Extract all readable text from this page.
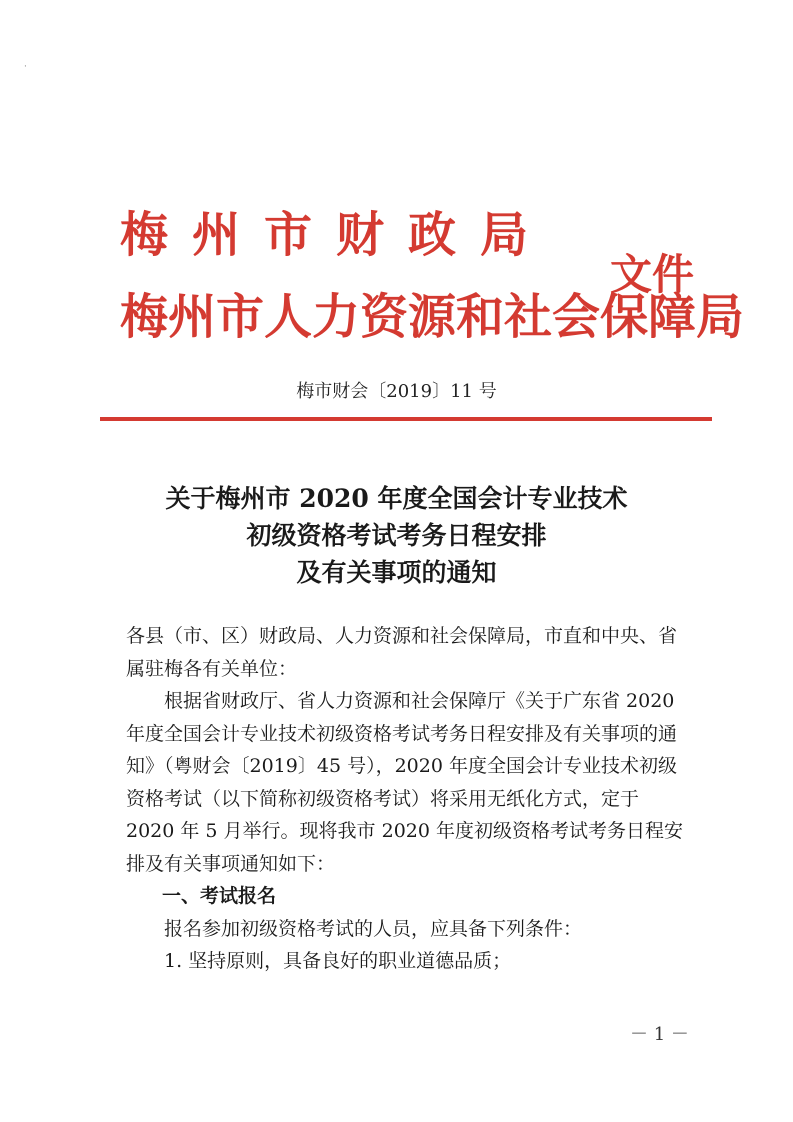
·
梅州市财政局
梅州市人力资源和社会保障局
文件
梅市财会〔2019〕11 号
关于梅州市 2020 年度全国会计专业技术
初级资格考试考务日程安排
及有关事项的通知

各县（市、区）财政局、人力资源和社会保障局，市直和中央、省属驻梅各有关单位：

根据省财政厅、省人力资源和社会保障厅《关于广东省 2020 年度全国会计专业技术初级资格考试考务日程安排及有关事项的通知》（粤财会〔2019〕45 号），2020 年度全国会计专业技术初级资格考试（以下简称初级资格考试）将采用无纸化方式，定于 2020 年 5 月举行。现将我市 2020 年度初级资格考试考务日程安排及有关事项通知如下：

一、考试报名

报名参加初级资格考试的人员，应具备下列条件：

1. 坚持原则，具备良好的职业道德品质；

－ 1 －
